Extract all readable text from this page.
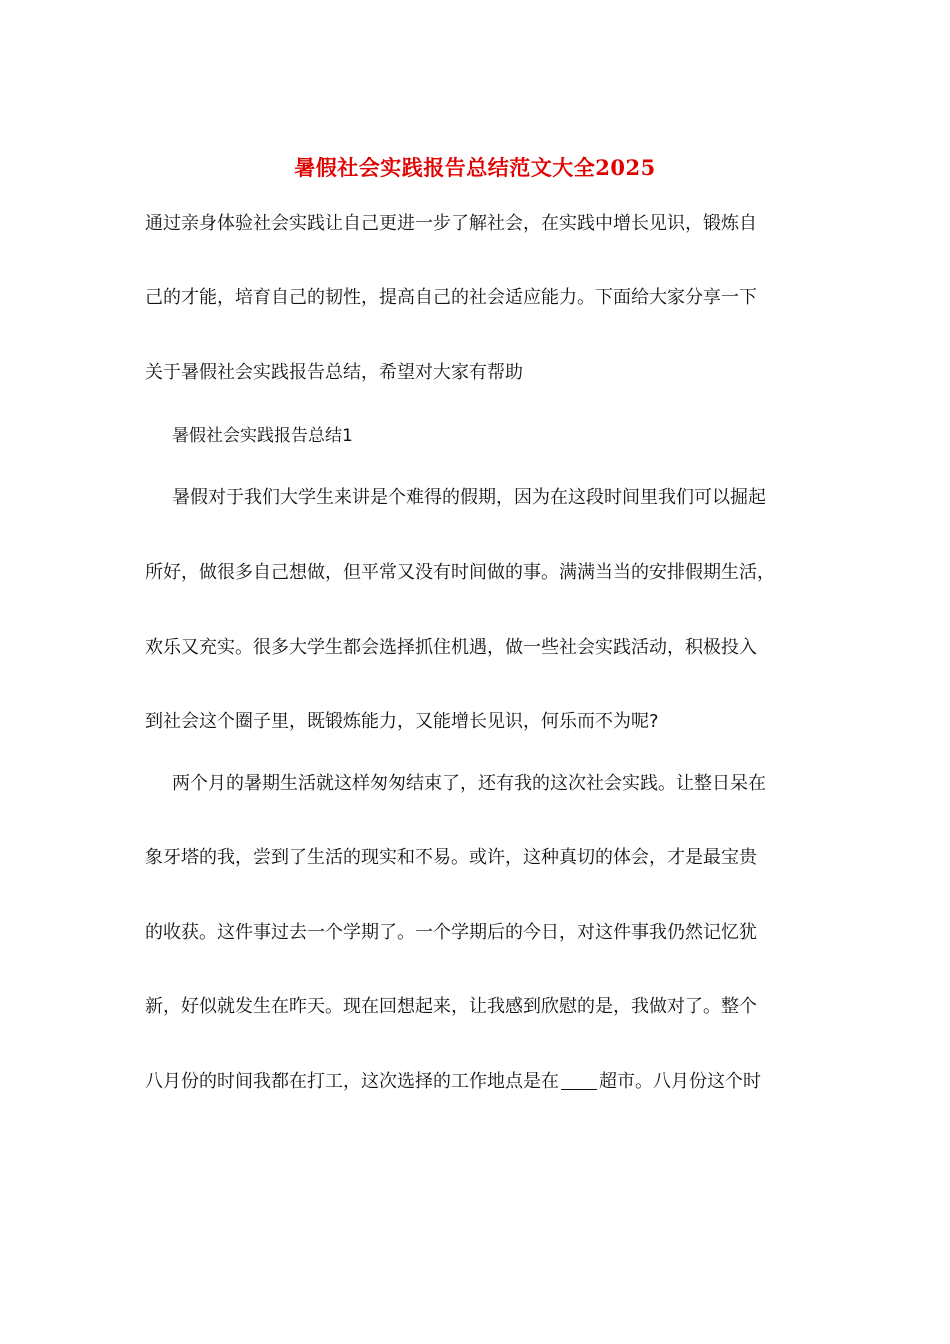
暑假社会实践报告总结范文大全2025
通过亲身体验社会实践让自己更进一步了解社会，在实践中增长见识，锻炼自
己的才能，培育自己的韧性，提高自己的社会适应能力。下面给大家分享一下
关于暑假社会实践报告总结，希望对大家有帮助
暑假社会实践报告总结1
暑假对于我们大学生来讲是个难得的假期，因为在这段时间里我们可以掘起
所好，做很多自己想做，但平常又没有时间做的事。满满当当的安排假期生活，
欢乐又充实。很多大学生都会选择抓住机遇，做一些社会实践活动，积极投入
到社会这个圈子里，既锻炼能力，又能增长见识，何乐而不为呢?
两个月的暑期生活就这样匆匆结束了，还有我的这次社会实践。让整日呆在
象牙塔的我，尝到了生活的现实和不易。或许，这种真切的体会，才是最宝贵
的收获。这件事过去一个学期了。一个学期后的今日，对这件事我仍然记忆犹
新，好似就发生在昨天。现在回想起来，让我感到欣慰的是，我做对了。整个
八月份的时间我都在打工，这次选择的工作地点是在 超市。八月份这个时
